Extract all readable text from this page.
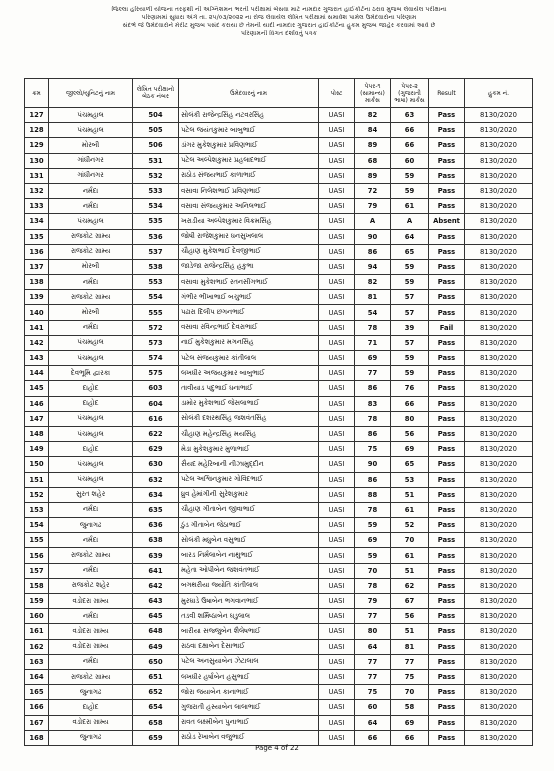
જિલ્લા હરિયાળી યોજના તરફથી ની અગ્નિશમન ભરતી પરીક્ષામાં બેસવા માટે નામદાર ગુજરાત હાઈકોર્ટના ઠરાવ મુજબ લેવાયેલ પરીક્ષાના
પરિણામમાં સુધારા અંગે તા. ૨૫/૦૩/૨૦૨૨ ના રોજ લેવાયેલ લેખિત પરીક્ષામાં સમાવેશ પામેલ ઉમેદવારોના પરિણામ
સંદર્ભે જે ઉમેદવારોને મેરીટ મુજબ પસંદ કરાયા છે તેમની યાદી નામદાર ગુજરાત હાઈકોર્ટના હુકમ મુજબ જાહેર કરવામાં આવે છે
પરિણામની વિગત દર્શાવતું પત્રક
ક્રમ	જીલ્લો/યુનિટનું નામ	લેખિત પરીક્ષાનો બેઠક નંબર	ઉમેદવારનું નામ	પોસ્ટ	પેપર-૧ (સામાન્ય) માર્કસ	પેપર-૨ (ગુજરાતી ભાષા) માર્કસ	Result	હુકમ નં.
127	પંચમહાલ	504	સોલંકી રાજેન્દ્રસિંહ નટવરસિંહ	UASI	82	63	Pass	8130/2020
128	પંચમહાલ	505	પટેલ જયંતકુમાર બાબુભાઈ	UASI	84	66	Pass	8130/2020
129	મોરબી	506	ડાંગર મુકેશકુમાર પ્રવિણભાઈ	UASI	89	66	Pass	8130/2020
130	ગાંધીનગર	531	પટેલ અલ્પેશકુમાર પ્રહલાદભાઈ	UASI	68	60	Pass	8130/2020
131	ગાંધીનગર	532	રાઠોડ સંજયભાઈ કાળાભાઈ	UASI	89	59	Pass	8130/2020
132	નર્મદા	533	વસાવા નિલેશભાઈ પ્રવિણભાઈ	UASI	72	59	Pass	8130/2020
133	નર્મદા	534	વસાવા સંજયકુમાર અનિલભાઈ	UASI	79	61	Pass	8130/2020
134	પંચમહાલ	535	ખરાડીયા અલ્પેશકુમાર વિક્રમસિંહ	UASI	A	A	Absent	8130/2020
135	રાજકોટ ગ્રામ્ય	536	જોષી રાજેશકુમાર ધનસુખલાલ	UASI	90	64	Pass	8130/2020
136	રાજકોટ ગ્રામ્ય	537	ચૌહાણ મુકેશભાઈ દેવજીભાઈ	UASI	86	65	Pass	8130/2020
137	મોરબી	538	જાડેજા રાજેન્દ્રસિંહ હકુભા	UASI	94	59	Pass	8130/2020
138	નર્મદા	553	વસાવા મુકેશભાઈ રતનસીંગભાઈ	UASI	82	59	Pass	8130/2020
139	રાજકોટ ગ્રામ્ય	554	ગંભીર ભીખાભાઈ બચુભાઈ	UASI	81	57	Pass	8130/2020
140	મોરબી	555	પઢારા દિલીપ છગનભાઈ	UASI	54	57	Pass	8130/2020
141	નર્મદા	572	વસાવા રવિન્દ્રભાઈ દેવરાભાઈ	UASI	78	39	Fail	8130/2020
142	પંચમહાલ	573	નાઈ મુકેશકુમાર મગનસિંહ	UASI	71	57	Pass	8130/2020
143	પંચમહાલ	574	પટેલ સંજયકુમાર કાંતીલાલ	UASI	69	59	Pass	8130/2020
144	દેવભૂમિ દ્વારકા	575	લખધીર અજયકુમાર બાબુભાઈ	UASI	77	59	Pass	8130/2020
145	દાહોદ	603	તાવીયાડ પદુભાઈ ધનાભાઈ	UASI	86	76	Pass	8130/2020
146	દાહોદ	604	ડામોર મુકેશભાઈ જેસલાભાઈ	UASI	83	66	Pass	8130/2020
147	પંચમહાલ	616	સોલંકી દશરથસિંહ જશવંતસિંહ	UASI	78	80	Pass	8130/2020
148	પંચમહાલ	622	ચૌહાણ મહેન્દ્રસિંહ મયસિંહ	UASI	86	56	Pass	8130/2020
149	દાહોદ	629	મેડા મુકેશકુમાર મુળાભાઈ	UASI	75	69	Pass	8130/2020
150	પંચમહાલ	630	સૈયદ મહેરિબાની નીઝામુદ્દીન	UASI	90	65	Pass	8130/2020
151	પંચમહાલ	632	પટેલ અશ્વિનકુમાર ગોવિંદભાઈ	UASI	86	53	Pass	8130/2020
152	સુરત શહેર	634	ધ્રુવ હેમાંગીની સુરેશકુમાર	UASI	88	51	Pass	8130/2020
153	નર્મદા	635	ચૌહાણ ગીતાબેન જીવાભાઈ	UASI	78	61	Pass	8130/2020
154	જુનાગઢ	636	ઠુંડ ગીતાબેન જેઠાભાઈ	UASI	59	52	Pass	8130/2020
155	નર્મદા	638	સોલંકી મધુબેન વસુભાઈ	UASI	69	70	Pass	8130/2020
156	રાજકોટ ગ્રામ્ય	639	બારડ નિર્મલાબેન નાથુભાઈ	UASI	59	61	Pass	8130/2020
157	નર્મદા	641	મહેતા ઓપીબેન જશવંતભાઈ	UASI	70	51	Pass	8130/2020
158	રાજકોટ શહેર	642	બગથરીયા જ્યોતિ કાંતીલાલ	UASI	78	62	Pass	8130/2020
159	વડોદરા ગ્રામ્ય	643	મુરઘાડે ઉષાબેન ભગવાનભાઈ	UASI	79	67	Pass	8130/2020
160	નર્મદા	645	તડવી શર્મિષ્ઠાબેન ઘડુલાલ	UASI	77	56	Pass	8130/2020
161	વડોદરા ગ્રામ્ય	648	બારીયા સજ્જુબેન શૈલેષભાઈ	UASI	80	51	Pass	8130/2020
162	વડોદરા ગ્રામ્ય	649	રાઠવા દક્ષાબેન દેસાભાઈ	UASI	64	81	Pass	8130/2020
163	નર્મદા	650	પટેલ અનસુયાબેન ઝેટાલાલ	UASI	77	77	Pass	8130/2020
164	રાજકોટ ગ્રામ્ય	651	લખધીર હર્ષાબેન હસુભાઈ	UASI	77	75	Pass	8130/2020
165	જુનાગઢ	652	જોરા જયાબેન કાનાભાઈ	UASI	75	70	Pass	8130/2020
166	દાહોદ	654	ગુજરાતી હસ્યાબેન લાલાભાઈ	UASI	60	58	Pass	8130/2020
167	વડોદરા ગ્રામ્ય	658	રાવત લક્ષ્મીબેન પુનાભાઈ	UASI	64	69	Pass	8130/2020
168	જુનાગઢ	659	રાઠોડ રેખાબેન વજુભાઈ	UASI	66	66	Pass	8130/2020
Page 4 of 22
